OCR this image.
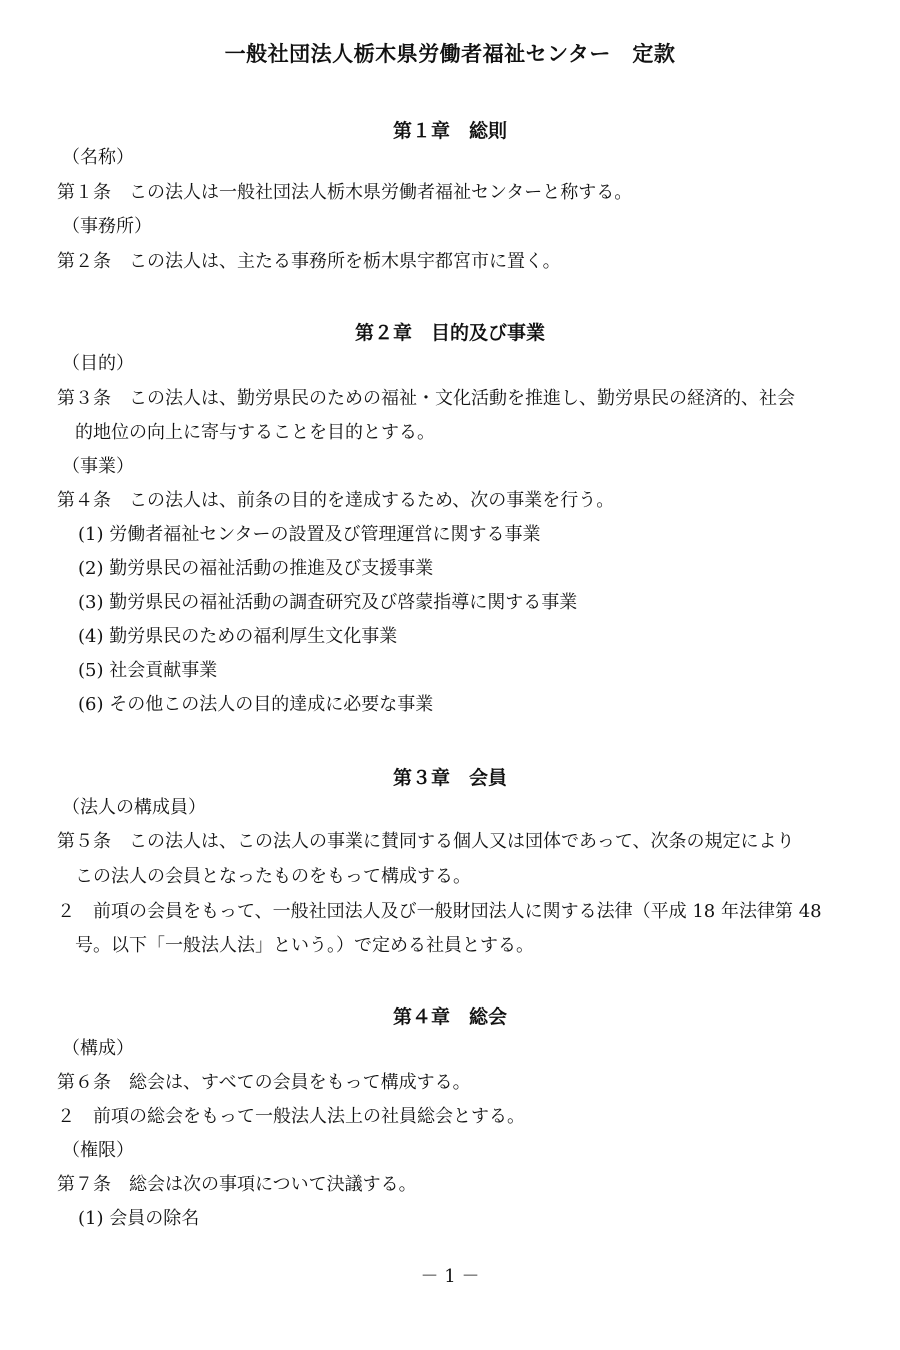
一般社団法人栃木県労働者福祉センター　定款
第１章　総則
（名称）
第１条　この法人は一般社団法人栃木県労働者福祉センターと称する。
（事務所）
第２条　この法人は、主たる事務所を栃木県宇都宮市に置く。
第２章　目的及び事業
（目的）
第３条　この法人は、勤労県民のための福祉・文化活動を推進し、勤労県民の経済的、社会
的地位の向上に寄与することを目的とする。
（事業）
第４条　この法人は、前条の目的を達成するため、次の事業を行う。
(1) 労働者福祉センターの設置及び管理運営に関する事業
(2) 勤労県民の福祉活動の推進及び支援事業
(3) 勤労県民の福祉活動の調査研究及び啓蒙指導に関する事業
(4) 勤労県民のための福利厚生文化事業
(5) 社会貢献事業
(6) その他この法人の目的達成に必要な事業
第３章　会員
（法人の構成員）
第５条　この法人は、この法人の事業に賛同する個人又は団体であって、次条の規定により
この法人の会員となったものをもって構成する。
２　前項の会員をもって、一般社団法人及び一般財団法人に関する法律（平成 18 年法律第 48
号。以下「一般法人法」という。）で定める社員とする。
第４章　総会
（構成）
第６条　総会は、すべての会員をもって構成する。
２　前項の総会をもって一般法人法上の社員総会とする。
（権限）
第７条　総会は次の事項について決議する。
(1) 会員の除名
－ 1 －
